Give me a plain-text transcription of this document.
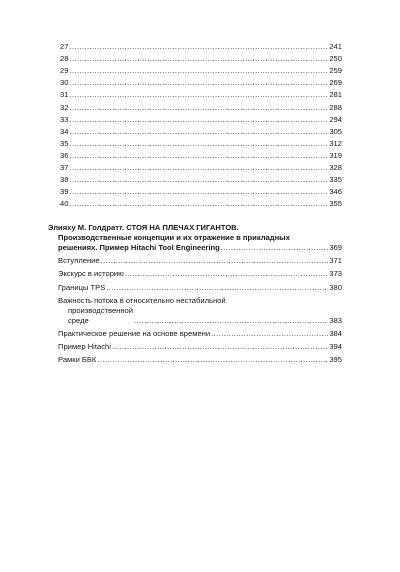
27 .....	241
28 .....	250
29 .....	259
30 .....	269
31 .....	281
32 .....	288
33 .....	294
34 .....	305
35 .....	312
36 .....	319
37 .....	328
38 .....	335
39 .....	346
40 .....	355
Элияху М. Голдратт. СТОЯ НА ПЛЕЧАХ ГИГАНТОВ.
Производственные концепции и их отражение в прикладных
решениях. Пример Hitachi Tool Engineering .....	369
Вступление .....	371
Экскурс в историю .....	373
Границы TPS .....	380
Важность потока в относительно нестабильной
производственной среде .....	383
Практическое решение на основе времени .....	384
Пример Hitachi .....	394
Рамки ББК .....	395
